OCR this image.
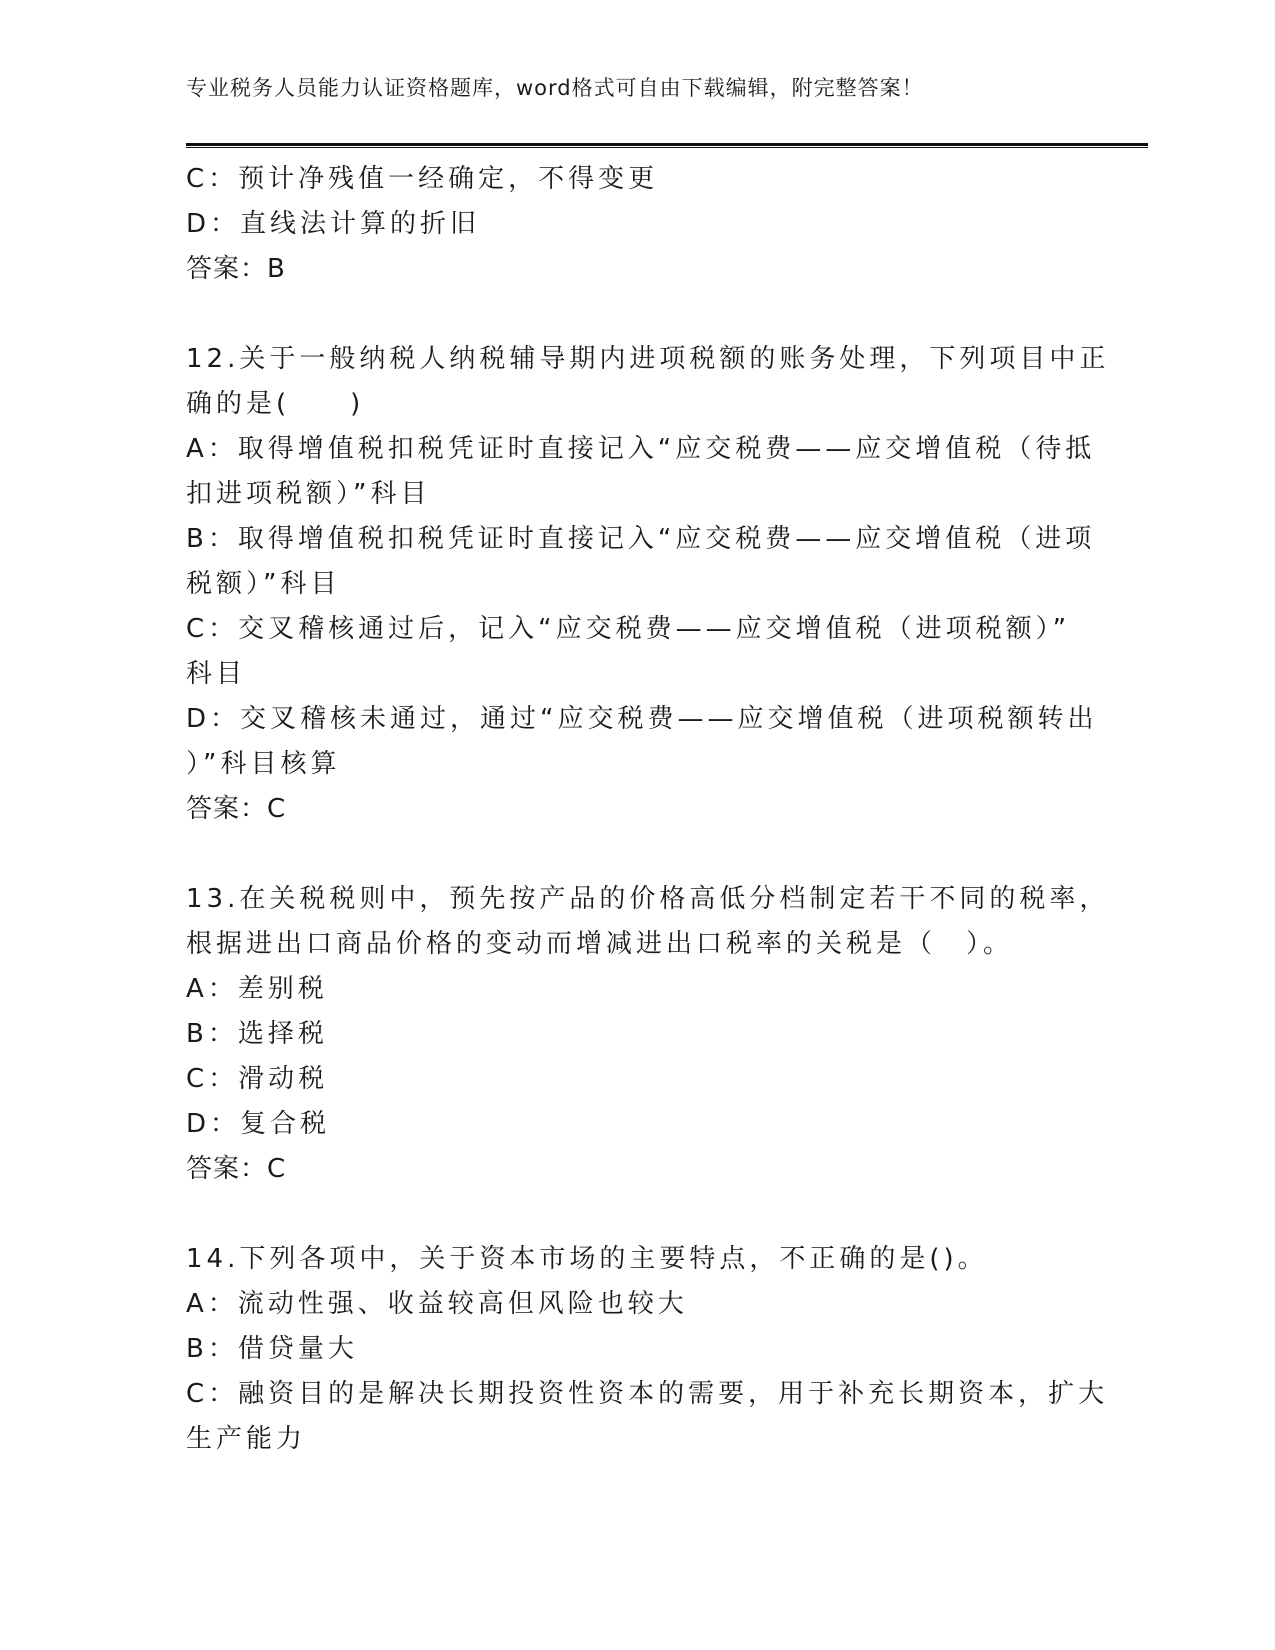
专业税务人员能力认证资格题库，word格式可自由下载编辑，附完整答案！
C：预计净残值一经确定，不得变更
D：直线法计算的折旧
答案：B
12.关于一般纳税人纳税辅导期内进项税额的账务处理，下列项目中正
确的是(　　)
A：取得增值税扣税凭证时直接记入“应交税费——应交增值税（待抵
扣进项税额）”科目
B：取得增值税扣税凭证时直接记入“应交税费——应交增值税（进项
税额）”科目
C：交叉稽核通过后，记入“应交税费——应交增值税（进项税额）”
科目
D：交叉稽核未通过，通过“应交税费——应交增值税（进项税额转出
）”科目核算
答案：C
13.在关税税则中，预先按产品的价格高低分档制定若干不同的税率，
根据进出口商品价格的变动而增减进出口税率的关税是（　）。
A：差别税
B：选择税
C：滑动税
D：复合税
答案：C
14.下列各项中，关于资本市场的主要特点，不正确的是()。
A：流动性强、收益较高但风险也较大
B：借贷量大
C：融资目的是解决长期投资性资本的需要，用于补充长期资本，扩大
生产能力
